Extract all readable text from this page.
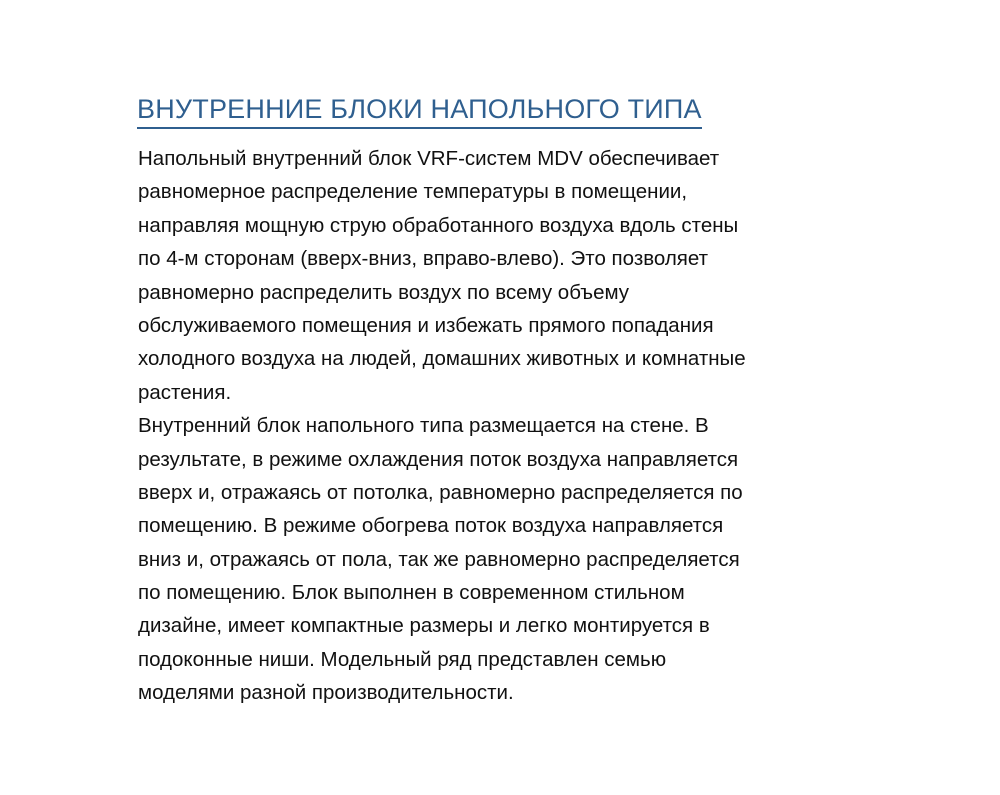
ВНУТРЕННИЕ БЛОКИ НАПОЛЬНОГО ТИПА
Напольный внутренний блок VRF-систем MDV обеспечивает
равномерное распределение температуры в помещении,
направляя мощную струю обработанного воздуха вдоль стены
по 4-м сторонам (вверх-вниз, вправо-влево). Это позволяет
равномерно распределить воздух по всему объему
обслуживаемого помещения и избежать прямого попадания
холодного воздуха на людей, домашних животных и комнатные
растения.
Внутренний блок напольного типа размещается на стене. В
результате, в режиме охлаждения поток воздуха направляется
вверх и, отражаясь от потолка, равномерно распределяется по
помещению. В режиме обогрева поток воздуха направляется
вниз и, отражаясь от пола, так же равномерно распределяется
по помещению. Блок выполнен в современном стильном
дизайне, имеет компактные размеры и легко монтируется в
подоконные ниши. Модельный ряд представлен семью
моделями разной производительности.
